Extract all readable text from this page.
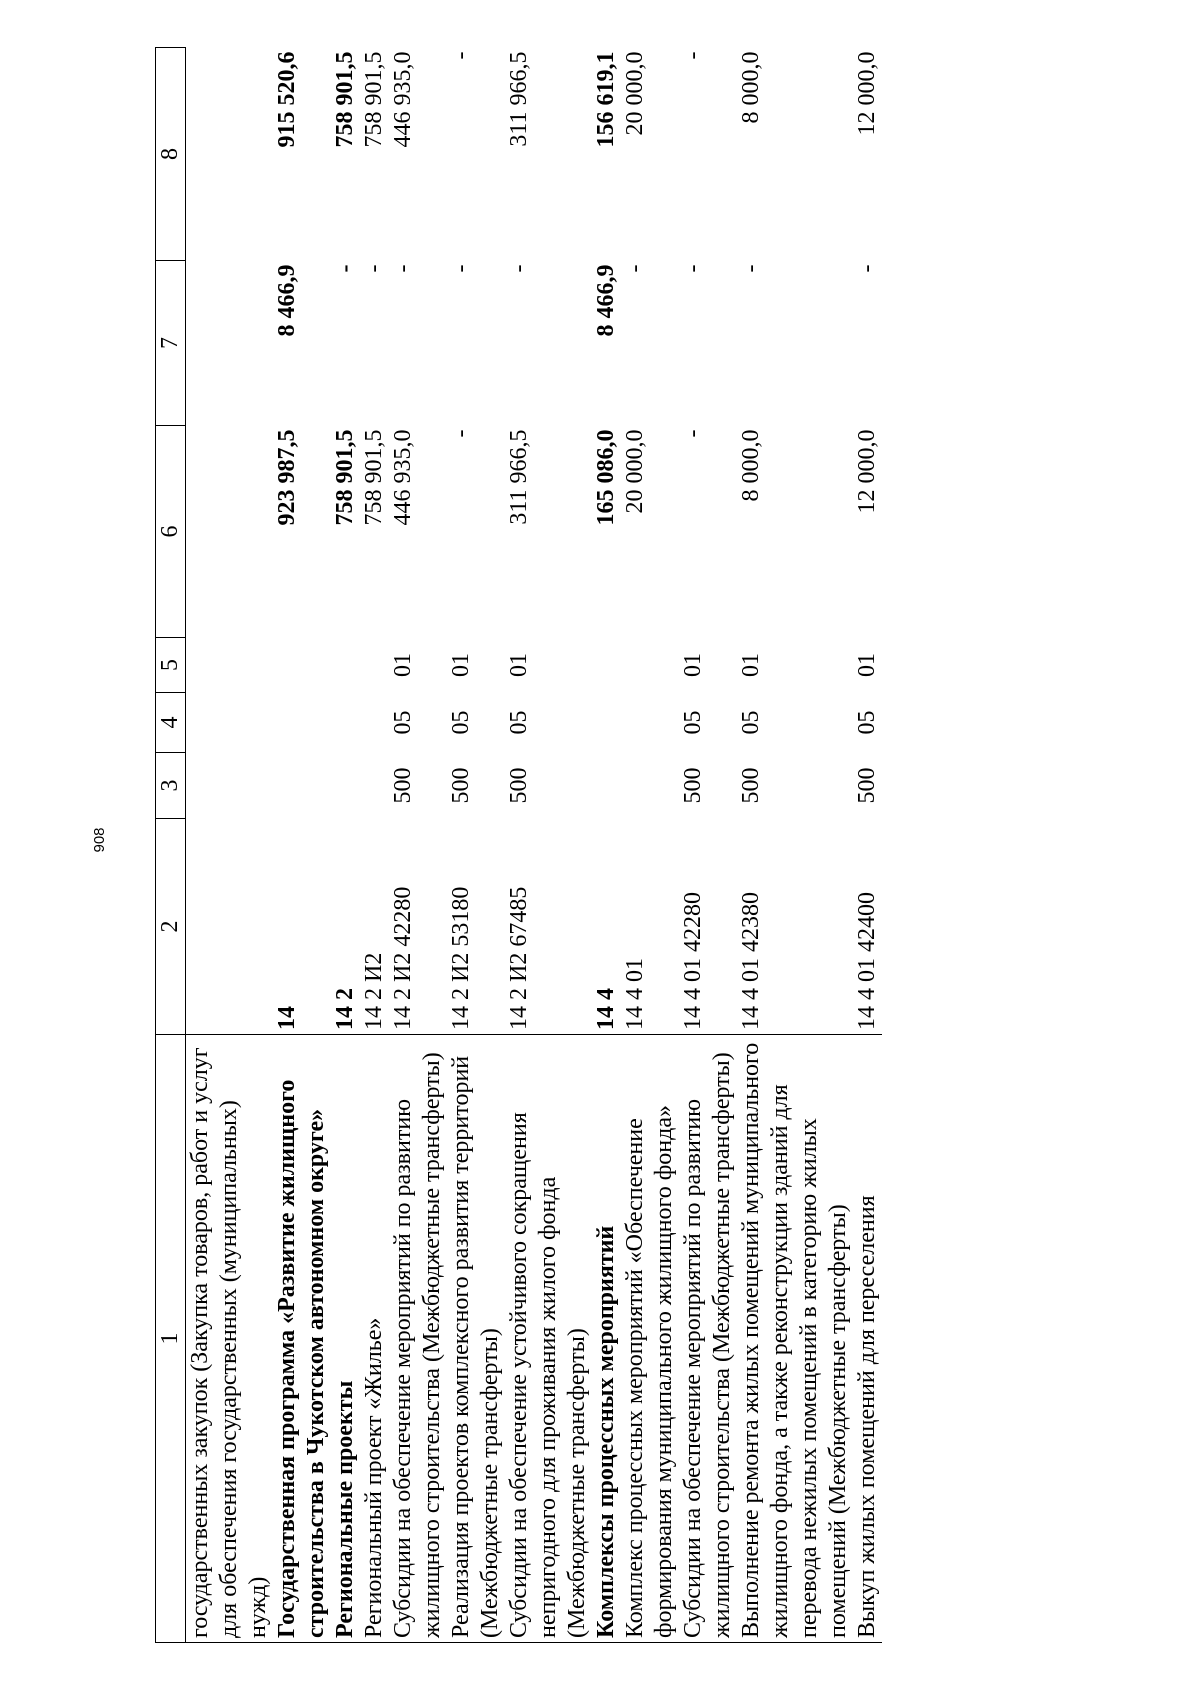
908
1	2	3	4	5	6	7	8
государственных закупок (Закупка товаров, работ и услуг для обеспечения государственных (муниципальных) нужд)							
Государственная программа «Развитие жилищного строительства в Чукотском автономном округе»	14				923 987,5	8 466,9	915 520,6
Региональные проекты	14 2				758 901,5	-	758 901,5
Региональный проект «Жилье»	14 2 И2				758 901,5	-	758 901,5
Субсидии на обеспечение мероприятий по развитию жилищного строительства (Межбюджетные трансферты)	14 2 И2 42280	500	05	01	446 935,0	-	446 935,0
Реализация проектов комплексного развития территорий (Межбюджетные трансферты)	14 2 И2 53180	500	05	01	-	-	-
Субсидии на обеспечение устойчивого сокращения непригодного для проживания жилого фонда (Межбюджетные трансферты)	14 2 И2 67485	500	05	01	311 966,5	-	311 966,5
Комплексы процессных мероприятий	14 4				165 086,0	8 466,9	156 619,1
Комплекс процессных мероприятий «Обеспечение формирования муниципального жилищного фонда»	14 4 01				20 000,0	-	20 000,0
Субсидии на обеспечение мероприятий по развитию жилищного строительства (Межбюджетные трансферты)	14 4 01 42280	500	05	01	-	-	-
Выполнение ремонта жилых помещений муниципального жилищного фонда, а также реконструкции зданий для перевода нежилых помещений в категорию жилых помещений (Межбюджетные трансферты)	14 4 01 42380	500	05	01	8 000,0	-	8 000,0
Выкуп жилых помещений для переселения	14 4 01 42400	500	05	01	12 000,0	-	12 000,0
